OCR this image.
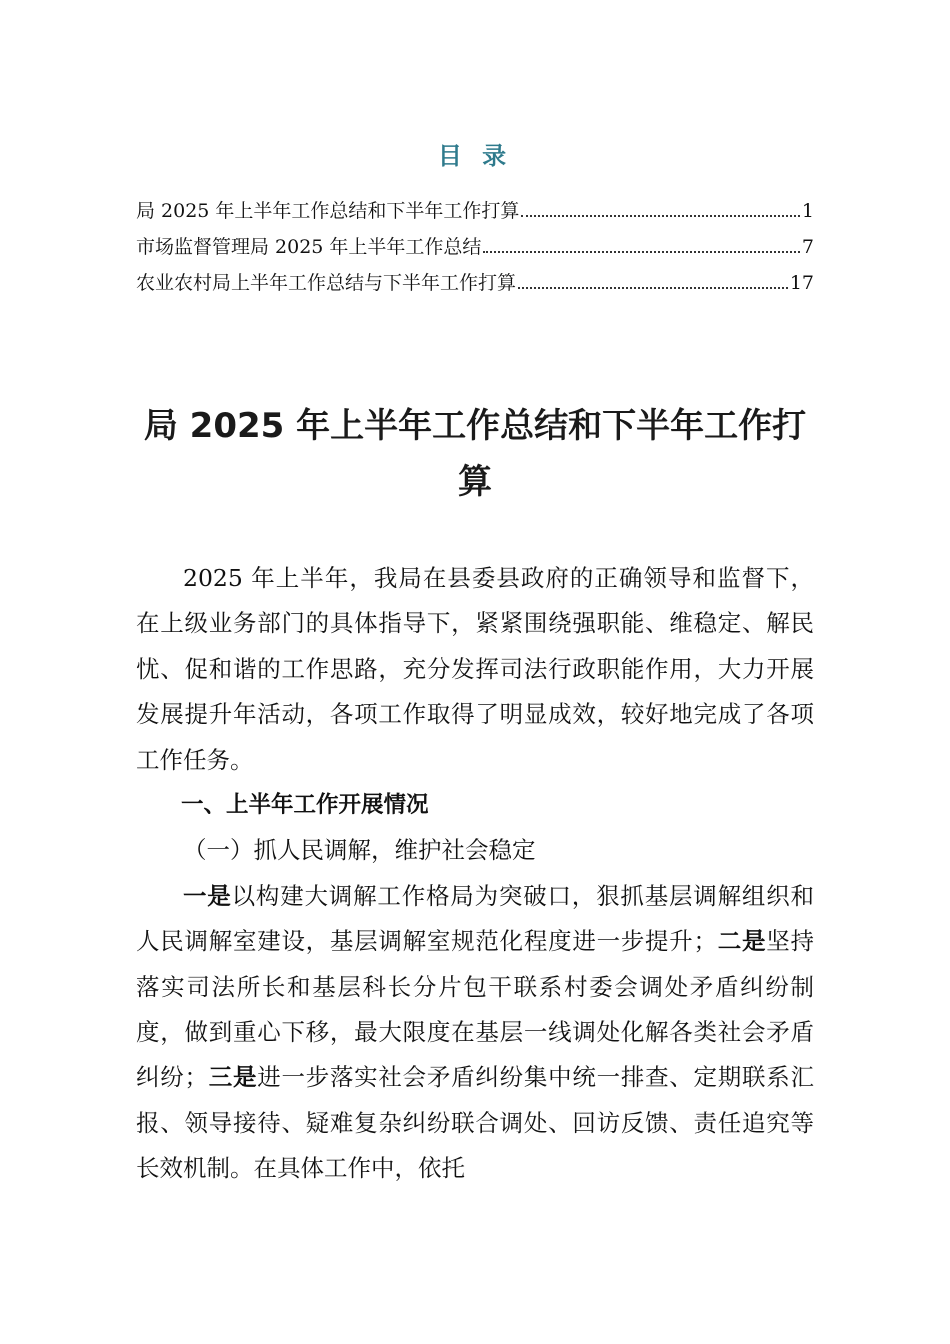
目 录
局 2025 年上半年工作总结和下半年工作打算	1
市场监督管理局 2025 年上半年工作总结	7
农业农村局上半年工作总结与下半年工作打算	17
局 2025 年上半年工作总结和下半年工作打算

2025 年上半年，我局在县委县政府的正确领导和监督下，在上级业务部门的具体指导下，紧紧围绕强职能、维稳定、解民忧、促和谐的工作思路，充分发挥司法行政职能作用，大力开展发展提升年活动，各项工作取得了明显成效，较好地完成了各项工作任务。

一、上半年工作开展情况

（一）抓人民调解，维护社会稳定

一是以构建大调解工作格局为突破口，狠抓基层调解组织和人民调解室建设，基层调解室规范化程度进一步提升；二是坚持落实司法所长和基层科长分片包干联系村委会调处矛盾纠纷制度，做到重心下移，最大限度在基层一线调处化解各类社会矛盾纠纷；三是进一步落实社会矛盾纠纷集中统一排查、定期联系汇报、领导接待、疑难复杂纠纷联合调处、回访反馈、责任追究等长效机制。在具体工作中，依托
